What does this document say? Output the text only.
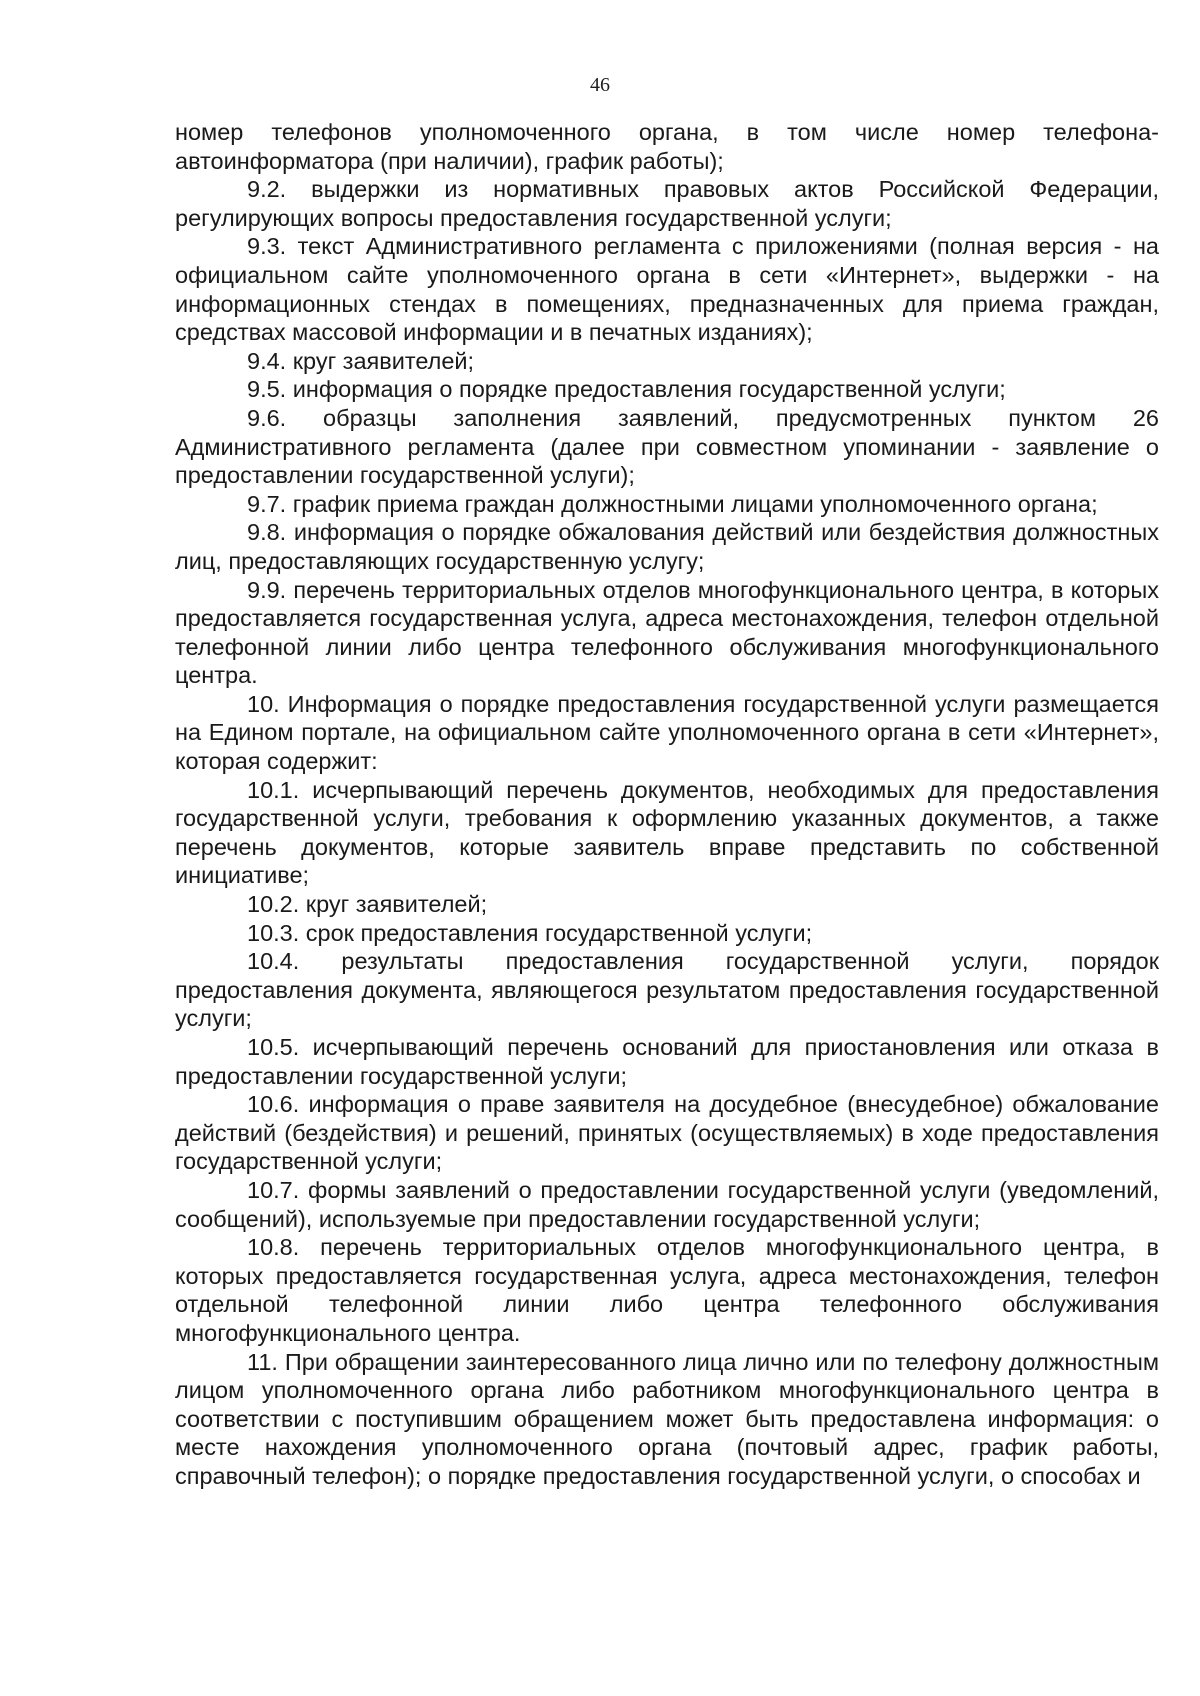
46

номер телефонов уполномоченного органа, в том числе номер телефона-автоинформатора (при наличии), график работы);

9.2. выдержки из нормативных правовых актов Российской Федерации, регулирующих вопросы предоставления государственной услуги;

9.3. текст Административного регламента с приложениями (полная версия - на официальном сайте уполномоченного органа в сети «Интернет», выдержки - на информационных стендах в помещениях, предназначенных для приема граждан, средствах массовой информации и в печатных изданиях);

9.4. круг заявителей;

9.5. информация о порядке предоставления государственной услуги;

9.6. образцы заполнения заявлений, предусмотренных пунктом 26 Административного регламента (далее при совместном упоминании - заявление о предоставлении государственной услуги);

9.7. график приема граждан должностными лицами уполномоченного органа;

9.8. информация о порядке обжалования действий или бездействия должностных лиц, предоставляющих государственную услугу;

9.9. перечень территориальных отделов многофункционального центра, в которых предоставляется государственная услуга, адреса местонахождения, телефон отдельной телефонной линии либо центра телефонного обслуживания многофункционального центра.

10. Информация о порядке предоставления государственной услуги размещается на Едином портале, на официальном сайте уполномоченного органа в сети «Интернет», которая содержит:

10.1. исчерпывающий перечень документов, необходимых для предоставления государственной услуги, требования к оформлению указанных документов, а также перечень документов, которые заявитель вправе представить по собственной инициативе;

10.2. круг заявителей;

10.3. срок предоставления государственной услуги;

10.4. результаты предоставления государственной услуги, порядок предоставления документа, являющегося результатом предоставления государственной услуги;

10.5. исчерпывающий перечень оснований для приостановления или отказа в предоставлении государственной услуги;

10.6. информация о праве заявителя на досудебное (внесудебное) обжалование действий (бездействия) и решений, принятых (осуществляемых) в ходе предоставления государственной услуги;

10.7. формы заявлений о предоставлении государственной услуги (уведомлений, сообщений), используемые при предоставлении государственной услуги;

10.8. перечень территориальных отделов многофункционального центра, в которых предоставляется государственная услуга, адреса местонахождения, телефон отдельной телефонной линии либо центра телефонного обслуживания многофункционального центра.

11. При обращении заинтересованного лица лично или по телефону должностным лицом уполномоченного органа либо работником многофункционального центра в соответствии с поступившим обращением может быть предоставлена информация: о месте нахождения уполномоченного органа (почтовый адрес, график работы, справочный телефон); о порядке предоставления государственной услуги, о способах и
